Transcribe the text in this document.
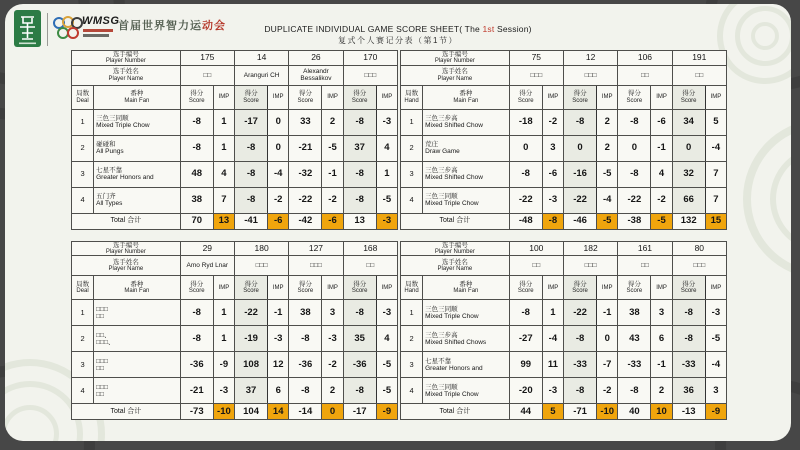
WMSG
首届世界智力运动会	DUPLICATE INDIVIDUAL GAME SCORE SHEET( The 1st Session)
复式个人赛记分表（第1节）
选手编号
Player Number		175		14		26		170	

选手姓名
Player Name		□□		Aranguri CH		Alexandr Bessalikov		□□□	

局数
Deal

番种
Main Fan

得分
Score
	IMP	得分
Score
	IMP	得分
Score
	IMP	得分
Score
	IMP
1	三色三同顺
Mixed Triple Chow	-8	1	-17	0	33	2	-8	-3
2	碰碰和
All Pungs	-8	1	-8	0	-21	-5	37	4
3	七星不靠
Greater Honors and	48	4	-8	-4	-32	-1	-8	1
4	五门齐
All Types	38	7	-8	-2	-22	-2	-8	-5
Total 合计		70	13	-41	-6	-42	-6	13	-3
选手编号
Player Number		75		12		106		191	

选手姓名
Player Name		□□□		□□□		□□		□□	

局数
Hand

番种
Main Fan

得分
Score
	IMP	得分
Score
	IMP	得分
Score
	IMP	得分
Score
	IMP
1	三色三步高
Mixed Shifted Chow	-18	-2	-8	2	-8	-6	34	5
2	荒庄
Draw Game	0	3	0	2	0	-1	0	-4
3	三色三步高
Mixed Shifted Chow	-8	-6	-16	-5	-8	4	32	7
4	三色三同顺
Mixed Triple Chow	-22	-3	-22	-4	-22	-2	66	7
Total 合计		-48	-8	-46	-5	-38	-5	132	15
选手编号
Player Number		29		180		127		168	

选手姓名
Player Name		Amo Ryd Lnar		□□□		□□□		□□	

局数
Deal

番种
Main Fan

得分
Score
	IMP	得分
Score
	IMP	得分
Score
	IMP	得分
Score
	IMP
1	□□□
□□	-8	1	-22	-1	38	3	-8	-3
2	□□、
□□□、	-8	1	-19	-3	-8	-3	35	4
3	□□□
□□	-36	-9	108	12	-36	-2	-36	-5
4	□□□
□□	-21	-3	37	6	-8	2	-8	-5
Total 合计		-73	-10	104	14	-14	0	-17	-9
选手编号
Player Number		100		182		161		80	

选手姓名
Player Name		□□		□□□		□□		□□□	

局数
Hand

番种
Main Fan

得分
Score
	IMP	得分
Score
	IMP	得分
Score
	IMP	得分
Score
	IMP
1	三色三同顺
Mixed Triple Chow	-8	1	-22	-1	38	3	-8	-3
2	三色三步高
Mixed Shifted Chows	-27	-4	-8	0	43	6	-8	-5
3	七星不靠
Greater Honors and	99	11	-33	-7	-33	-1	-33	-4
4	三色三同顺
Mixed Triple Chow	-20	-3	-8	-2	-8	2	36	3
Total 合计		44	5	-71	-10	40	10	-13	-9
